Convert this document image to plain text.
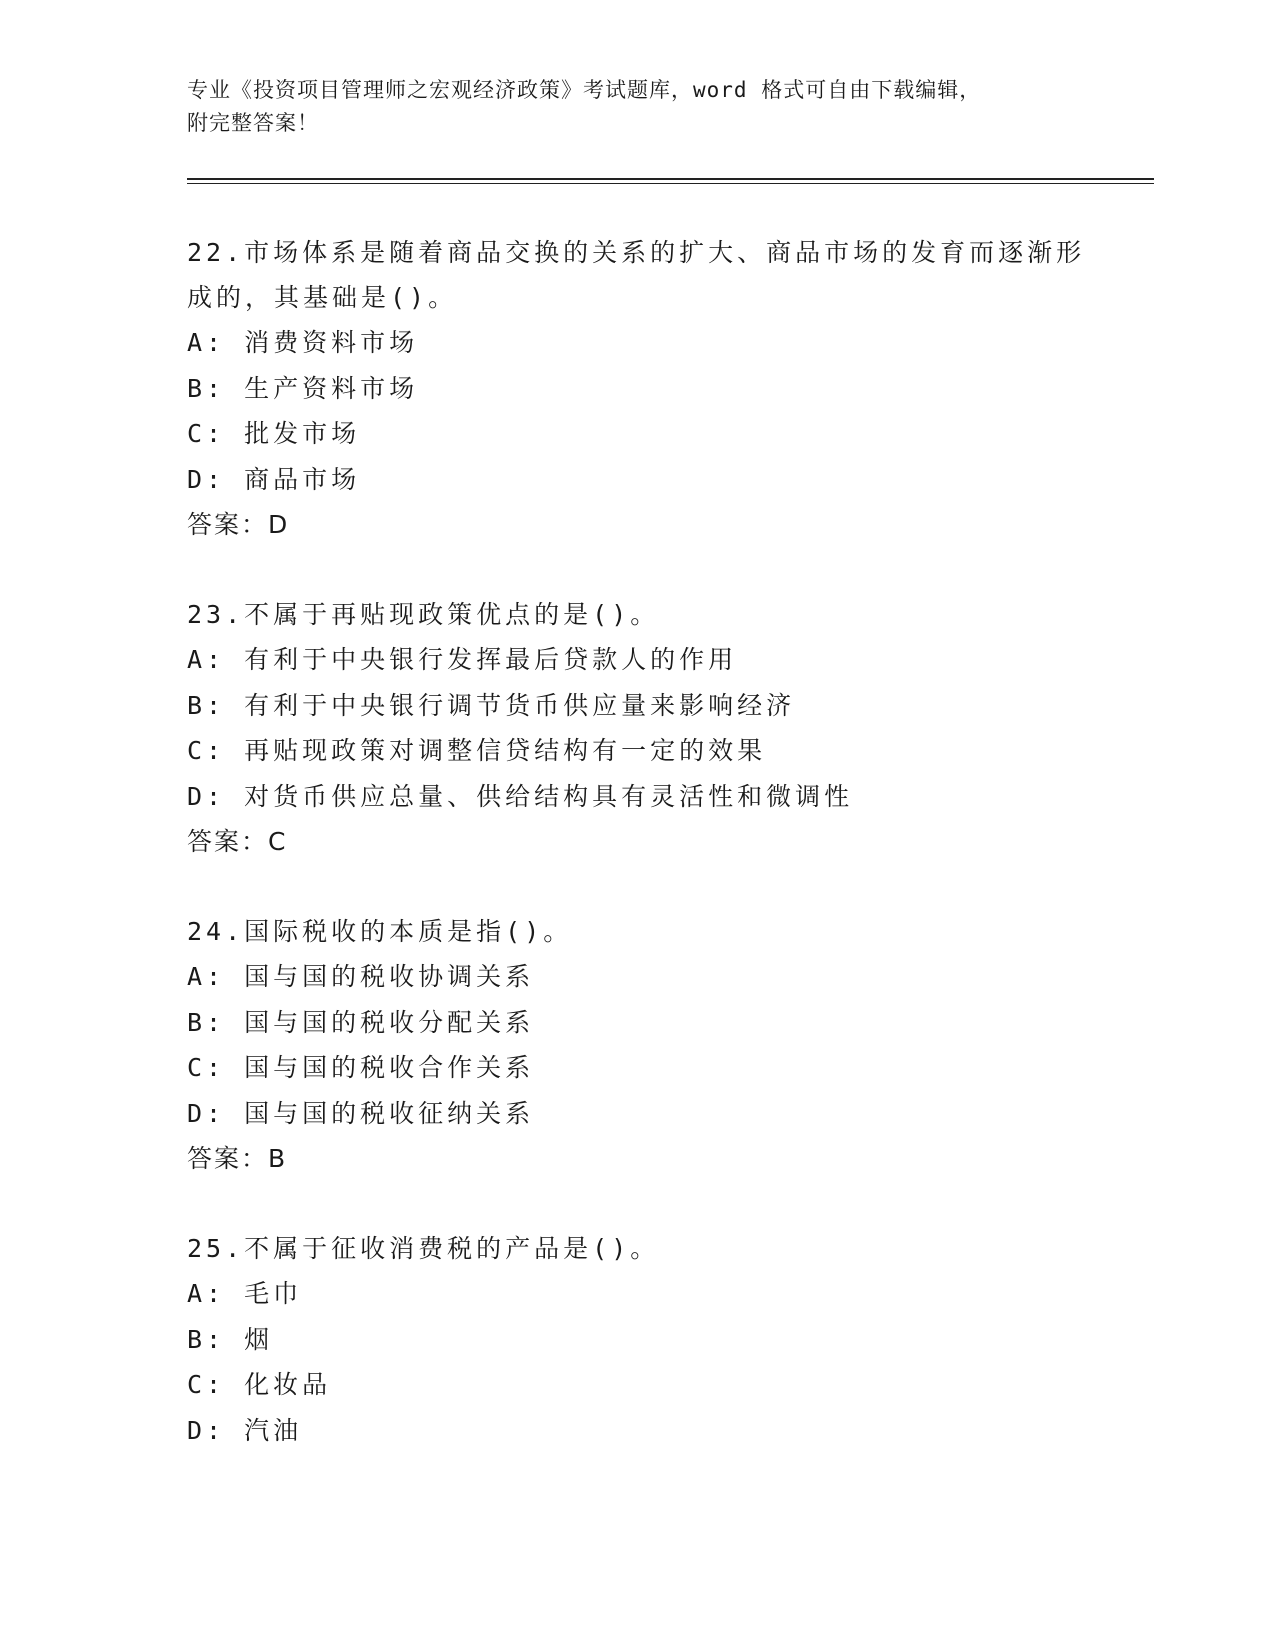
专业《投资项目管理师之宏观经济政策》考试题库，word 格式可自由下载编辑，
附完整答案！
22.市场体系是随着商品交换的关系的扩大、商品市场的发育而逐渐形
成的，其基础是()。
A: 消费资料市场
B: 生产资料市场
C: 批发市场
D: 商品市场
答案：D
23.不属于再贴现政策优点的是()。
A: 有利于中央银行发挥最后贷款人的作用
B: 有利于中央银行调节货币供应量来影响经济
C: 再贴现政策对调整信贷结构有一定的效果
D: 对货币供应总量、供给结构具有灵活性和微调性
答案：C
24.国际税收的本质是指()。
A: 国与国的税收协调关系
B: 国与国的税收分配关系
C: 国与国的税收合作关系
D: 国与国的税收征纳关系
答案：B
25.不属于征收消费税的产品是()。
A: 毛巾
B: 烟
C: 化妆品
D: 汽油
